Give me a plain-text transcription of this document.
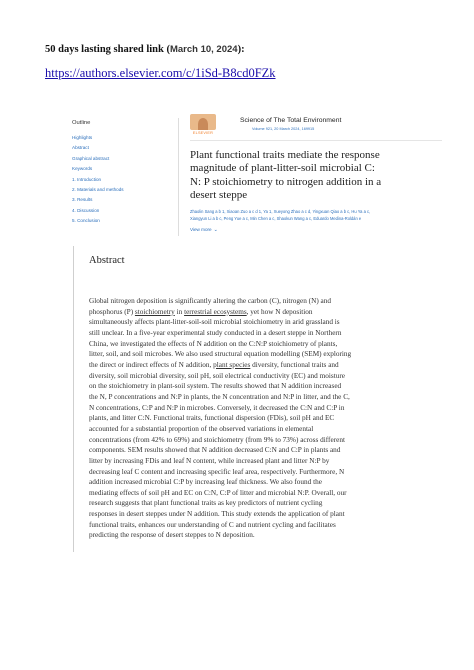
50 days lasting shared link (March 10, 2024):
https://authors.elsevier.com/c/1iSd-B8cd0FZk
Outline
Highlights
Abstract
Graphical abstract
Keywords
1. Introduction
2. Materials and methods
3. Results
4. Discussion
5. Conclusion
ELSEVIER
Science of The Total Environment
Volume 921, 20 March 2024, 169915
Plant functional traits mediate the response
magnitude of plant-litter-soil microbial C:
N: P stoichiometry to nitrogen addition in a
desert steppe
Zhaolin Sang a b 1, Xiaoan Zuo a c d 1, Ya 1, Xueyong Zhao a c d, Yingxuan Qiao a b c, Hu Ya a c,
Xiangyun Li a b c, Peng Yue a c, Min Chen a c, Shaokun Wang a c, Eduardo Medina-Roldán e
View more ⌄
Abstract
Global nitrogen deposition is significantly altering the carbon (C), nitrogen (N) and
phosphorus (P) stoichiometry in terrestrial ecosystems, yet how N deposition
simultaneously affects plant-litter-soil-soil microbial stoichiometry in arid grassland is
still unclear. In a five-year experimental study conducted in a desert steppe in Northern
China, we investigated the effects of N addition on the C:N:P stoichiometry of plants,
litter, soil, and soil microbes. We also used structural equation modelling (SEM) exploring
the direct or indirect effects of N addition, plant species diversity, functional traits and
diversity, soil microbial diversity, soil pH, soil electrical conductivity (EC) and moisture
on the stoichiometry in plant-soil system. The results showed that N addition increased
the N, P concentrations and N:P in plants, the N concentration and N:P in litter, and the C,
N concentrations, C:P and N:P in microbes. Conversely, it decreased the C:N and C:P in
plants, and litter C:N. Functional traits, functional dispersion (FDis), soil pH and EC
accounted for a substantial proportion of the observed variations in elemental
concentrations (from 42% to 69%) and stoichiometry (from 9% to 73%) across different
components. SEM results showed that N addition decreased C:N and C:P in plants and
litter by increasing FDis and leaf N content, while increased plant and litter N:P by
decreasing leaf C content and increasing specific leaf area, respectively. Furthermore, N
addition increased microbial C:P by increasing leaf thickness. We also found the
mediating effects of soil pH and EC on C:N, C:P of litter and microbial N:P. Overall, our
research suggests that plant functional traits as key predictors of nutrient cycling
responses in desert steppes under N addition. This study extends the application of plant
functional traits, enhances our understanding of C and nutrient cycling and facilitates
predicting the response of desert steppes to N deposition.
